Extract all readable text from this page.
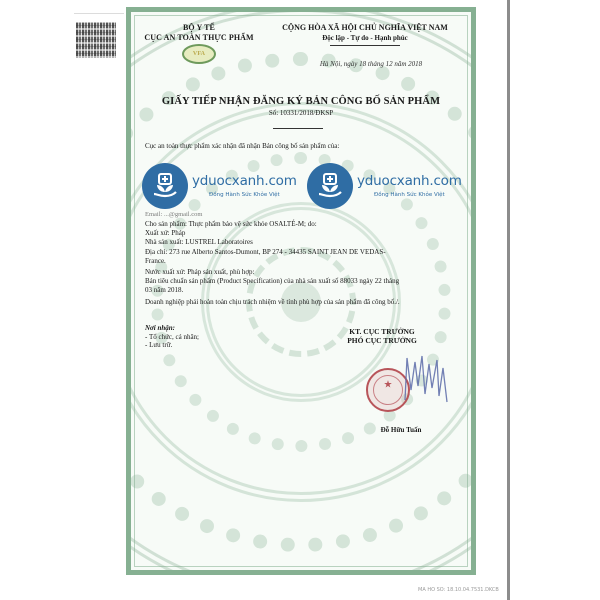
BỘ Y TẾ
CỤC AN TOÀN THỰC PHẨM
VFA
CỘNG HÒA XÃ HỘI CHỦ NGHĨA VIỆT NAM
Độc lập - Tự do - Hạnh phúc
Hà Nội, ngày 18 tháng 12 năm 2018
GIẤY TIẾP NHẬN ĐĂNG KÝ BẢN CÔNG BỐ SẢN PHẨM
Số: 10331/2018/ĐKSP

Cục an toàn thực phẩm xác nhận đã nhận Bản công bố sản phẩm của:

Email: ...@gmail.com

Cho sản phẩm: Thực phẩm bảo vệ sức khỏe OSALTÉ-M; do:

Xuất xứ: Pháp

Nhà sản xuất: LUSTREL Laboratoires

Địa chỉ: 273 rue Alberto Santos-Dumont, BP 274 - 34435 SAINT JEAN DE VEDAS-

France.

Nước xuất xứ: Pháp sản xuất, phù hợp:

Bản tiêu chuẩn sản phẩm (Product Specification) của nhà sản xuất số 88033 ngày 22 tháng

03 năm 2018.

Doanh nghiệp phải hoàn toàn chịu trách nhiệm về tính phù hợp của sản phẩm đã công bố./.

yduocxanh.com
Đồng Hành Sức Khỏe Việt
yduocxanh.com
Đồng Hành Sức Khỏe Việt
Nơi nhận:
- Tổ chức, cá nhân;
- Lưu trữ.
KT. CỤC TRƯỞNG
PHÓ CỤC TRƯỞNG
★
Đỗ Hữu Tuấn
MA HO SO: 18.10.04.7531.DKCB
